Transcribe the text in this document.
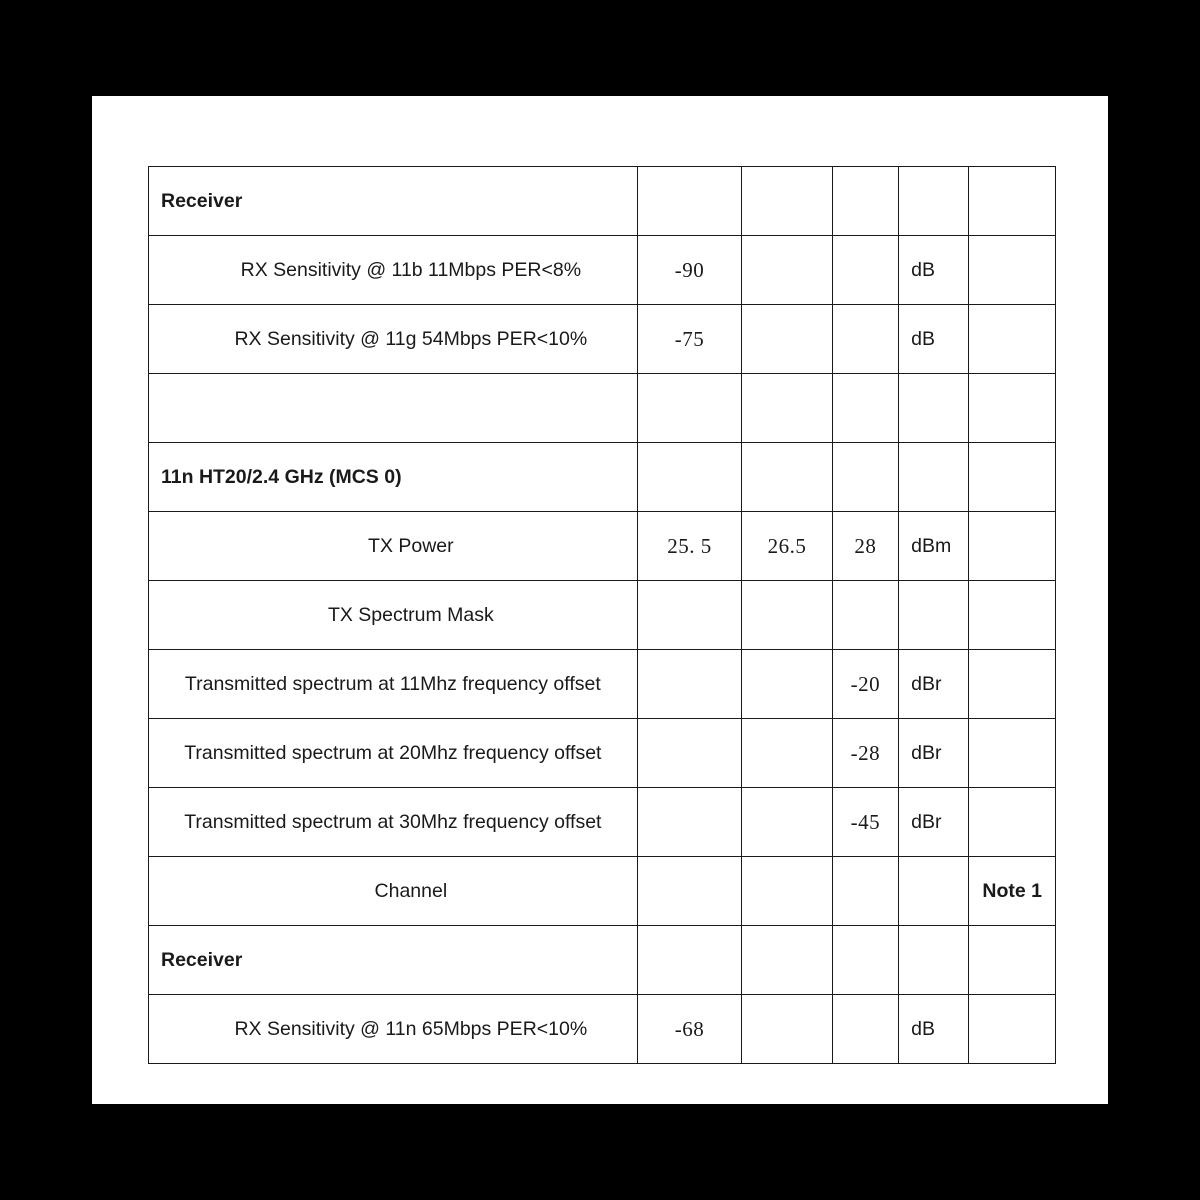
Receiver					

RX Sensitivity @ 11b 11Mbps PER<8%	-90			dB	

RX Sensitivity @ 11g 54Mbps PER<10%	-75			dB	

11n HT20/2.4 GHz (MCS 0)					

TX Power	25. 5	26.5	28	dBm	

TX Spectrum Mask					

Transmitted spectrum at 11Mhz frequency offset			-20	dBr	

Transmitted spectrum at 20Mhz frequency offset			-28	dBr	

Transmitted spectrum at 30Mhz frequency offset			-45	dBr	

Channel					Note 1

Receiver					

RX Sensitivity @ 11n 65Mbps PER<10%	-68			dB	
